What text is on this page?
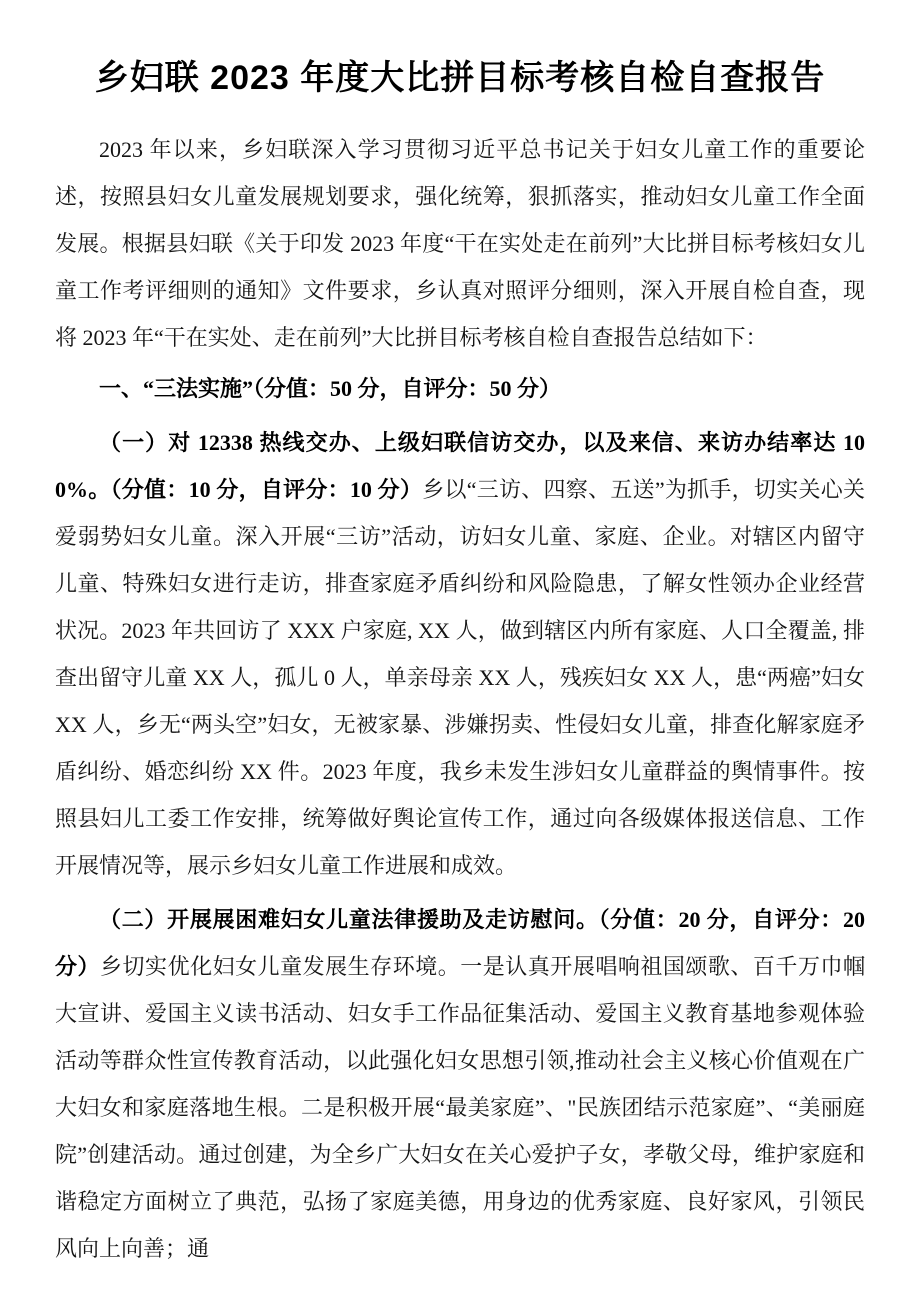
乡妇联 2023 年度大比拼目标考核自检自查报告

2023 年以来，乡妇联深入学习贯彻习近平总书记关于妇女儿童工作的重要论述，按照县妇女儿童发展规划要求，强化统筹，狠抓落实，推动妇女儿童工作全面发展。根据县妇联《关于印发 2023 年度“干在实处走在前列”大比拼目标考核妇女儿童工作考评细则的通知》文件要求，乡认真对照评分细则，深入开展自检自查，现将 2023 年“干在实处、走在前列”大比拼目标考核自检自查报告总结如下：

一、“三法实施”（分值：50 分，自评分：50 分）

（一）对 12338 热线交办、上级妇联信访交办，以及来信、来访办结率达 100%。（分值：10 分，自评分：10 分）乡以“三访、四察、五送”为抓手，切实关心关爱弱势妇女儿童。深入开展“三访”活动，访妇女儿童、家庭、企业。对辖区内留守儿童、特殊妇女进行走访，排查家庭矛盾纠纷和风险隐患，了解女性领办企业经营状况。2023 年共回访了 XXX 户家庭, XX 人，做到辖区内所有家庭、人口全覆盖, 排查出留守儿童 XX 人，孤儿 0 人，单亲母亲 XX 人，残疾妇女 XX 人，患“两癌”妇女 XX 人，乡无“两头空”妇女，无被家暴、涉嫌拐卖、性侵妇女儿童，排查化解家庭矛盾纠纷、婚恋纠纷 XX 件。2023 年度，我乡未发生涉妇女儿童群益的舆情事件。按照县妇儿工委工作安排，统筹做好舆论宣传工作，通过向各级媒体报送信息、工作开展情况等，展示乡妇女儿童工作进展和成效。

（二）开展展困难妇女儿童法律援助及走访慰问。（分值：20 分，自评分：20 分）乡切实优化妇女儿童发展生存环境。一是认真开展唱响祖国颂歌、百千万巾帼大宣讲、爱国主义读书活动、妇女手工作品征集活动、爱国主义教育基地参观体验活动等群众性宣传教育活动，以此强化妇女思想引领,推动社会主义核心价值观在广大妇女和家庭落地生根。二是积极开展“最美家庭”、"民族团结示范家庭”、“美丽庭院”创建活动。通过创建，为全乡广大妇女在关心爱护子女，孝敬父母，维护家庭和谐稳定方面树立了典范，弘扬了家庭美德，用身边的优秀家庭、良好家风，引领民风向上向善；通
